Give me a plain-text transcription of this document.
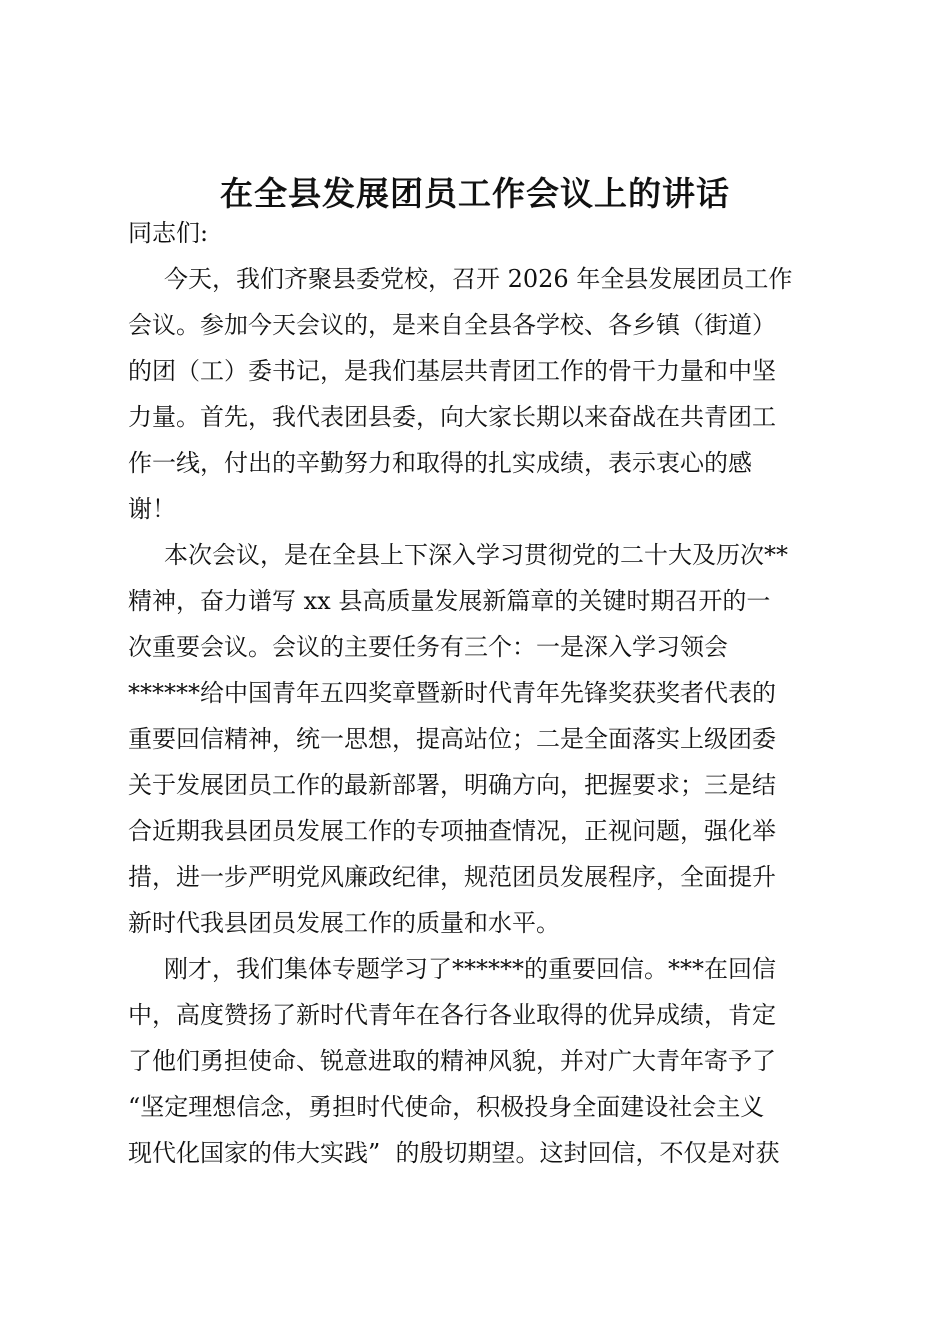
在全县发展团员工作会议上的讲话
同志们:
今天，我们齐聚县委党校，召开 2026 年全县发展团员工作
会议。参加今天会议的，是来自全县各学校、各乡镇（街道）
的团（工）委书记，是我们基层共青团工作的骨干力量和中坚
力量。首先，我代表团县委，向大家长期以来奋战在共青团工
作一线，付出的辛勤努力和取得的扎实成绩，表示衷心的感
谢！
本次会议，是在全县上下深入学习贯彻党的二十大及历次**
精神，奋力谱写 xx 县高质量发展新篇章的关键时期召开的一
次重要会议。会议的主要任务有三个：一是深入学习领会
******给中国青年五四奖章暨新时代青年先锋奖获奖者代表的
重要回信精神，统一思想，提高站位；二是全面落实上级团委
关于发展团员工作的最新部署，明确方向，把握要求；三是结
合近期我县团员发展工作的专项抽查情况，正视问题，强化举
措，进一步严明党风廉政纪律，规范团员发展程序，全面提升
新时代我县团员发展工作的质量和水平。
刚才，我们集体专题学习了******的重要回信。***在回信
中，高度赞扬了新时代青年在各行各业取得的优异成绩，肯定
了他们勇担使命、锐意进取的精神风貌，并对广大青年寄予了
“坚定理想信念，勇担时代使命，积极投身全面建设社会主义
现代化国家的伟大实践”  的殷切期望。这封回信，不仅是对获
